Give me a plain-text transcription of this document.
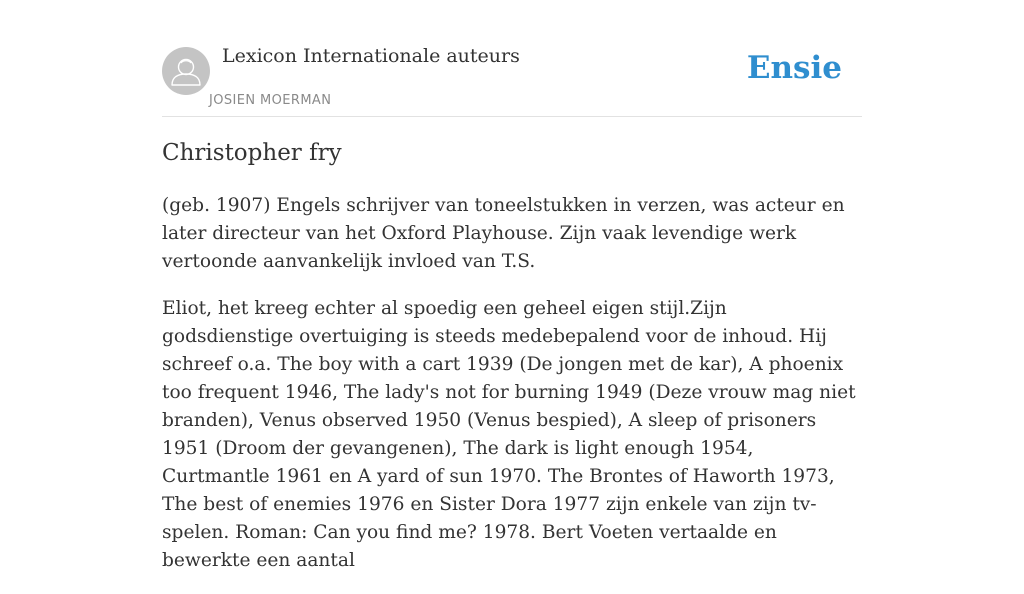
Lexicon Internationale auteurs
JOSIEN MOERMAN
Ensie
Christopher fry

(geb. 1907) Engels schrijver van toneelstukken in verzen, was acteur en later directeur van het Oxford Playhouse. Zijn vaak levendige werk vertoonde aanvankelijk invloed van T.S.

Eliot, het kreeg echter al spoedig een geheel eigen stijl.Zijn godsdienstige overtuiging is steeds medebepalend voor de inhoud. Hij schreef o.a. The boy with a cart 1939 (De jongen met de kar), A phoenix too frequent 1946, The lady's not for burning 1949 (Deze vrouw mag niet branden), Venus observed 1950 (Venus bespied), A sleep of prisoners 1951 (Droom der gevangenen), The dark is light enough 1954, Curtmantle 1961 en A yard of sun 1970. The Brontes of Haworth 1973, The best of enemies 1976 en Sister Dora 1977 zijn enkele van zijn tv-spelen. Roman: Can you find me? 1978. Bert Voeten vertaalde en bewerkte een aantal
